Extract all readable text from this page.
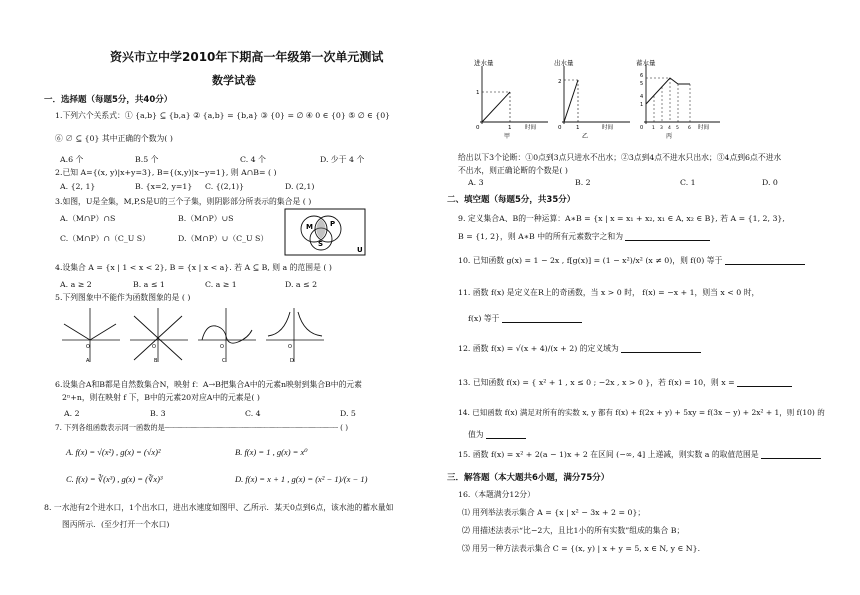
资兴市立中学2010年下期高一年级第一次单元测试
数学试卷
一．选择题（每题5分，共40分）
1.下列六个关系式：① {a,b} ⊆ {b,a} ② {a,b} = {b,a} ③ {0} = ∅ ④ 0 ∈ {0} ⑤ ∅ ∈ {0}
⑥ ∅ ⊆ {0} 其中正确的个数为( )
A.6 个	B.5 个	C. 4 个	D. 少于 4 个
2.已知 A={(x, y)|x+y=3}, B={(x,y)|x−y=1}, 则 A∩B= ( )
A. {2, 1}	B. {x=2, y=1} C. {(2,1)}	D. (2,1)
3.如图，U是全集，M,P,S是U的三个子集，则阴影部分所表示的集合是 ( )
A.（M∩P）∩S	B.（M∩P）∪S
C.（M∩P）∩（C_U S）	D.（M∩P）∪（C_U S）
M P
S
U
4.设集合 A = {x | 1 < x < 2}, B = {x | x < a}. 若 A ⊆ B, 则 a 的范围是 ( )
A. a ≥ 2	B. a ≤ 1	C. a ≥ 1	D. a ≤ 2
5.下列图象中不能作为函数图象的是 ( )
O
A
O
B
O
C
O
D
6.设集合A和B都是自然数集合N，映射 f：A→B把集合A中的元素n映射到集合B中的元素
2ⁿ+n，则在映射 f 下，B中的元素20对应A中的元素是( )
A. 2	B. 3	C. 4	D. 5
7. 下列各组函数表示同一函数的是┈┈┈┈┈┈┈┈┈┈┈┈┈┈┈┈┈┈┈┈┈┈┈┈┈┈┈┈┈┈┈┈┈┈┈┈┈┈┈┈ ( )
A. f(x) = √(x²) , g(x) = (√x)²	B. f(x) = 1 , g(x) = x⁰
C. f(x) = ∛(x³) , g(x) = (∛x)³	D. f(x) = x + 1 , g(x) = (x² − 1)/(x − 1)
8. 一水池有2个进水口，1个出水口，进出水速度如图甲、乙所示．某天0点到6点，该水池的蓄水量如
图丙所示．(至少打开一个水口)
进水量
1
0	1 时间
甲
出水量
2
0	1	时间
乙
蓄水量
6
5
4
1
0 1 3 4 5 6 时间
丙
给出以下3个论断：①0点到3点只进水不出水；②3点到4点不进水只出水；③4点到6点不进水
不出水，则正确论断的个数是( )
A. 3	B. 2	C. 1	D. 0
二、填空题（每题5分，共35分）
9. 定义集合A、B的一种运算：A∗B = {x | x = x₁ + x₂, x₁ ∈ A, x₂ ∈ B}, 若 A = {1, 2, 3},
B = {1, 2}，则 A∗B 中的所有元素数字之和为
10. 已知函数 g(x) = 1 − 2x , f[g(x)] = (1 − x²)/x² (x ≠ 0)，则 f(0) 等于
11. 函数 f(x) 是定义在R上的奇函数，当 x > 0 时， f(x) = −x + 1，则当 x < 0 时，
f(x) 等于
12. 函数 f(x) = √(x + 4)/(x + 2) 的定义域为
13. 已知函数 f(x) = { x² + 1 , x ≤ 0 ; −2x , x > 0 }，若 f(x) = 10，则 x =
14. 已知函数 f(x) 满足对所有的实数 x, y 都有 f(x) + f(2x + y) + 5xy = f(3x − y) + 2x² + 1，则 f(10) 的
值为
15. 函数 f(x) = x² + 2(a − 1)x + 2 在区间 (−∞, 4] 上递减，则实数 a 的取值范围是
三．解答题（本大题共6小题，满分75分）
16.（本题满分12分）
⑴ 用列举法表示集合 A = {x | x² − 3x + 2 = 0}；
⑵ 用描述法表示“比−2大，且比1小的所有实数”组成的集合 B；
⑶ 用另一种方法表示集合 C = {(x, y) | x + y = 5, x ∈ N, y ∈ N}．
